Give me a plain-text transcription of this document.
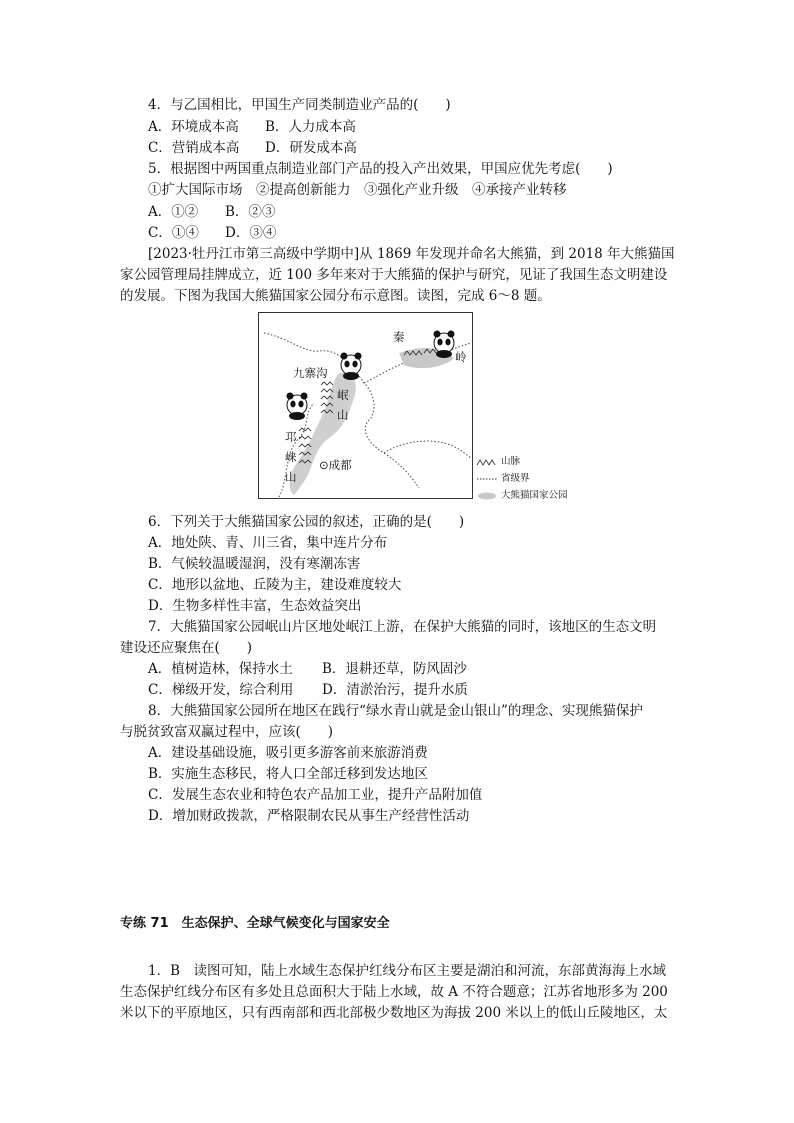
4．与乙国相比，甲国生产同类制造业产品的(　　)
A．环境成本高 B．人力成本高
C．营销成本高 D．研发成本高
5．根据图中两国重点制造业部门产品的投入产出效果，甲国应优先考虑(　　)
①扩大国际市场　②提高创新能力　③强化产业升级　④承接产业转移
A．①② B．②③
C．①④ D．③④
[2023·牡丹江市第三高级中学期中]从 1869 年发现并命名大熊猫，到 2018 年大熊猫国
家公园管理局挂牌成立，近 100 多年来对于大熊猫的保护与研究，见证了我国生态文明建设
的发展。下图为我国大熊猫国家公园分布示意图。读图，完成 6～8 题。
秦
岭
九寨沟
岷
山
邛
崃
山
⊙成都	山脉
省级界
大熊猫国家公园
6．下列关于大熊猫国家公园的叙述，正确的是(　　)
A．地处陕、青、川三省，集中连片分布
B．气候较温暖湿润，没有寒潮冻害
C．地形以盆地、丘陵为主，建设难度较大
D．生物多样性丰富，生态效益突出
7．大熊猫国家公园岷山片区地处岷江上游，在保护大熊猫的同时，该地区的生态文明
建设还应聚焦在(　　)
A．植树造林，保持水土 B．退耕还草，防风固沙
C．梯级开发，综合利用 D．清淤治污，提升水质
8．大熊猫国家公园所在地区在践行“绿水青山就是金山银山”的理念、实现熊猫保护
与脱贫致富双赢过程中，应该(　　)
A．建设基础设施，吸引更多游客前来旅游消费
B．实施生态移民，将人口全部迁移到发达地区
C．发展生态农业和特色农产品加工业，提升产品附加值
D．增加财政拨款，严格限制农民从事生产经营性活动
专练 71　生态保护、全球气候变化与国家安全
1．B　读图可知，陆上水域生态保护红线分布区主要是湖泊和河流，东部黄海海上水域
生态保护红线分布区有多处且总面积大于陆上水域，故 A 不符合题意；江苏省地形多为 200
米以下的平原地区，只有西南部和西北部极少数地区为海拔 200 米以上的低山丘陵地区，太
